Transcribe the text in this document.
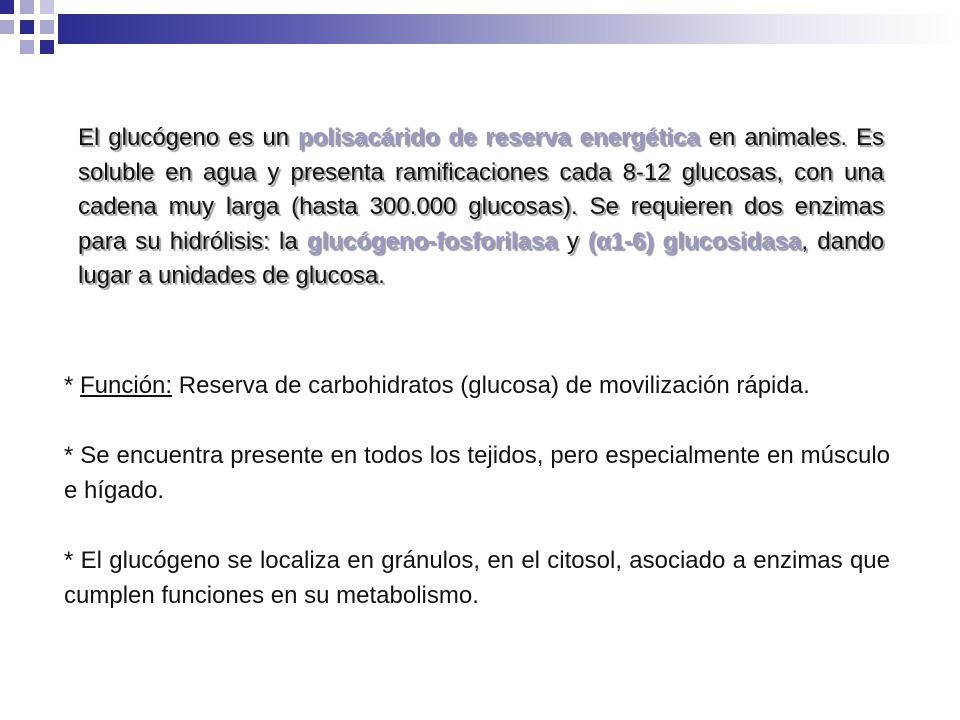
El glucógeno es un polisacárido de reserva energética en animales. Es soluble en agua y presenta ramificaciones cada 8-12 glucosas, con una cadena muy larga (hasta 300.000 glucosas). Se requieren dos enzimas para su hidrólisis: la glucógeno-fosforilasa y (α1-6) glucosidasa, dando lugar a unidades de glucosa.

* Función: Reserva de carbohidratos (glucosa) de movilización rápida.

* Se encuentra presente en todos los tejidos, pero especialmente en músculo e hígado.

* El glucógeno se localiza en gránulos, en el citosol, asociado a enzimas que cumplen funciones en su metabolismo.
